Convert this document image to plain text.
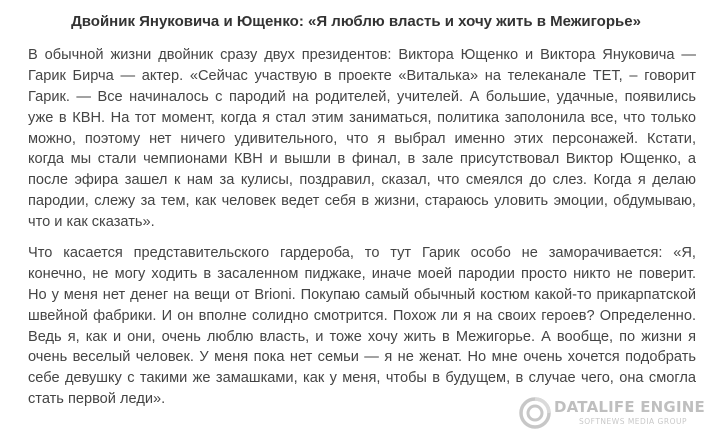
Двойник Януковича и Ющенко: «Я люблю власть и хочу жить в Межигорье»
В обычной жизни двойник сразу двух президентов: Виктора Ющенко и Виктора Януковича —
Гарик Бирча — актер. «Сейчас участвую в проекте «Виталька» на телеканале ТЕТ, – говорит
Гарик. — Все начиналось с пародий на родителей, учителей. А большие, удачные, появились
уже в КВН. На тот момент, когда я стал этим заниматься, политика заполонила все, что только
можно, поэтому нет ничего удивительного, что я выбрал именно этих персонажей. Кстати,
когда мы стали чемпионами КВН и вышли в финал, в зале присутствовал Виктор Ющенко, а
после эфира зашел к нам за кулисы, поздравил, сказал, что смеялся до слез. Когда я делаю
пародии, слежу за тем, как человек ведет себя в жизни, стараюсь уловить эмоции, обдумываю,
что и как сказать».
Что касается представительского гардероба, то тут Гарик особо не заморачивается: «Я,
конечно, не могу ходить в засаленном пиджаке, иначе моей пародии просто никто не поверит.
Но у меня нет денег на вещи от Brioni. Покупаю самый обычный костюм какой-то прикарпатской
швейной фабрики. И он вполне солидно смотрится. Похож ли я на своих героев? Определенно.
Ведь я, как и они, очень люблю власть, и тоже хочу жить в Межигорье. А вообще, по жизни я
очень веселый человек. У меня пока нет семьи — я не женат. Но мне очень хочется подобрать
себе девушку с такими же замашками, как у меня, чтобы в будущем, в случае чего, она смогла
стать первой леди».	DATALIFE ENGINE
SOFTNEWS MEDIA GROUP
